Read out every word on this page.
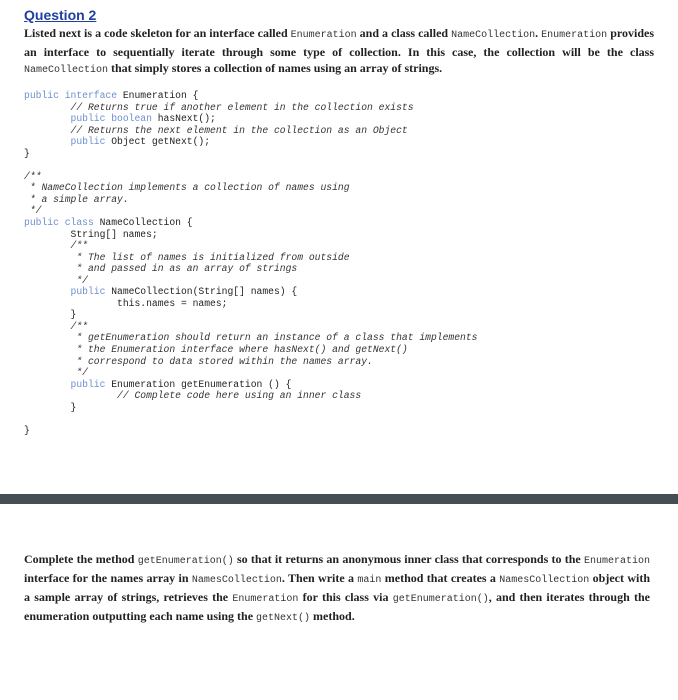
Question 2

Listed next is a code skeleton for an interface called Enumeration and a class called NameCollection. Enumeration provides an interface to sequentially iterate through some type of collection. In this case, the collection will be the class NameCollection that simply stores a collection of names using an array of strings.

public interface Enumeration {
// Returns true if another element in the collection exists
public boolean hasNext();
// Returns the next element in the collection as an Object
public Object getNext();
}
/**
* NameCollection implements a collection of names using
* a simple array.
*/
public class NameCollection {
String[] names;
/**
* The list of names is initialized from outside
* and passed in as an array of strings
*/
public NameCollection(String[] names) {
this.names = names;
}
/**
* getEnumeration should return an instance of a class that implements
* the Enumeration interface where hasNext() and getNext()
* correspond to data stored within the names array.
*/
public Enumeration getEnumeration () {
// Complete code here using an inner class
}
}

Complete the method getEnumeration() so that it returns an anonymous inner class that corresponds to the Enumeration interface for the names array in NamesCollection. Then write a main method that creates a NamesCollection object with a sample array of strings, retrieves the Enumeration for this class via getEnumeration(), and then iterates through the enumeration outputting each name using the getNext() method.
